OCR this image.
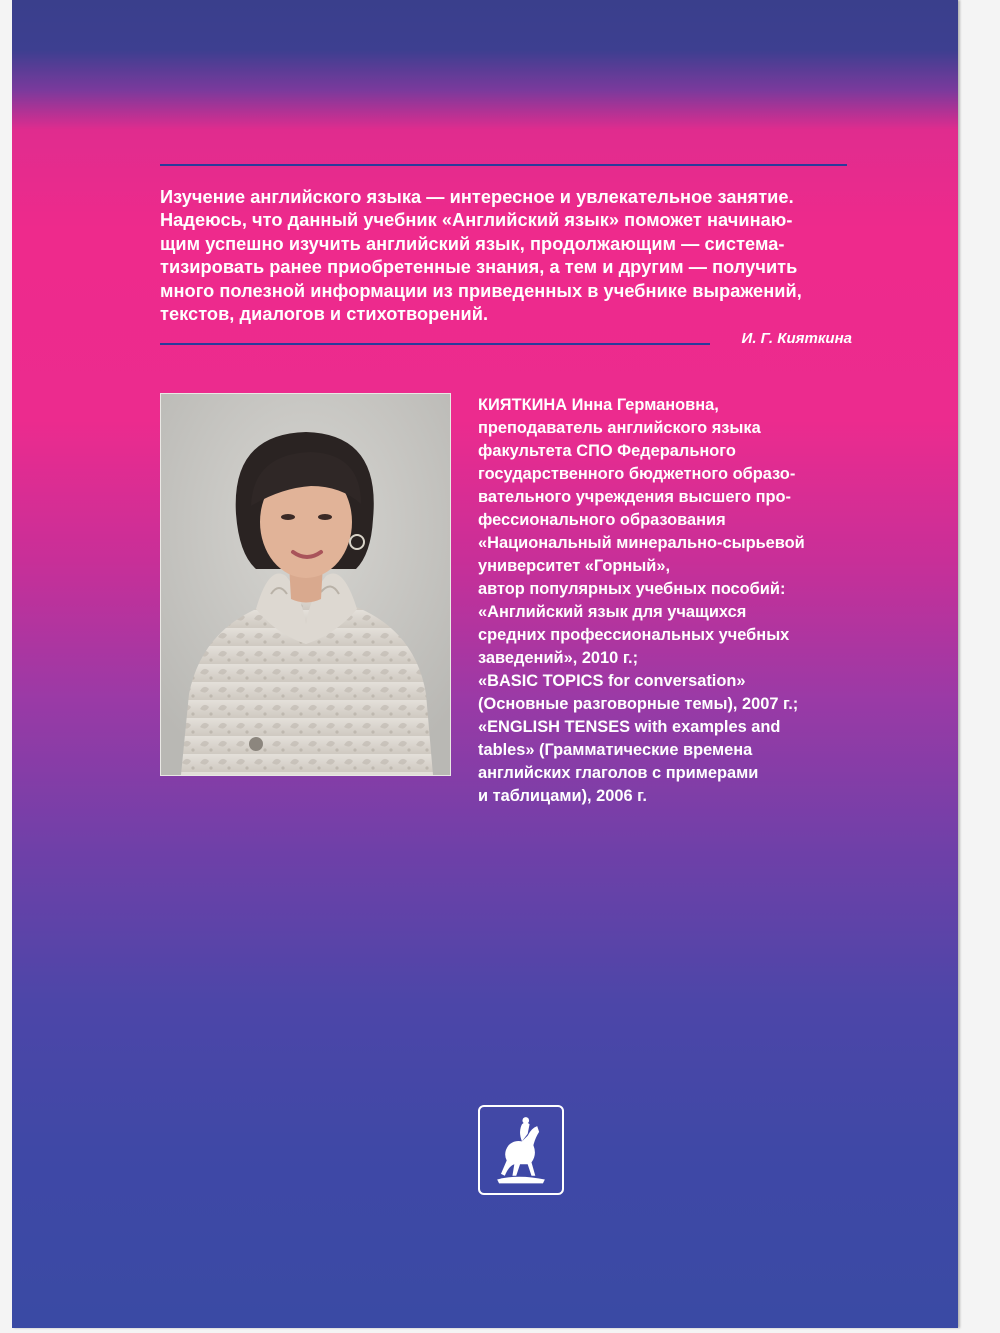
Изучение английского языка — интересное и увлекательное занятие.
Надеюсь, что данный учебник «Английский язык» поможет начинаю-
щим успешно изучить английский язык, продолжающим — система-
тизировать ранее приобретенные знания, а тем и другим — получить
много полезной информации из приведенных в учебнике выражений,
текстов, диалогов и стихотворений.
И. Г. Кияткина
КИЯТКИНА Инна Германовна,
преподаватель английского языка
факультета СПО Федерального
государственного бюджетного образо-
вательного учреждения высшего про-
фессионального образования
«Национальный минерально-сырьевой
университет «Горный»,
автор популярных учебных пособий:
«Английский язык для учащихся
средних профессиональных учебных
заведений», 2010 г.;
«BASIC TOPICS for conversation»
(Основные разговорные темы), 2007 г.;
«ENGLISH TENSES with examples and
tables» (Грамматические времена
английских глаголов с примерами
и таблицами), 2006 г.
